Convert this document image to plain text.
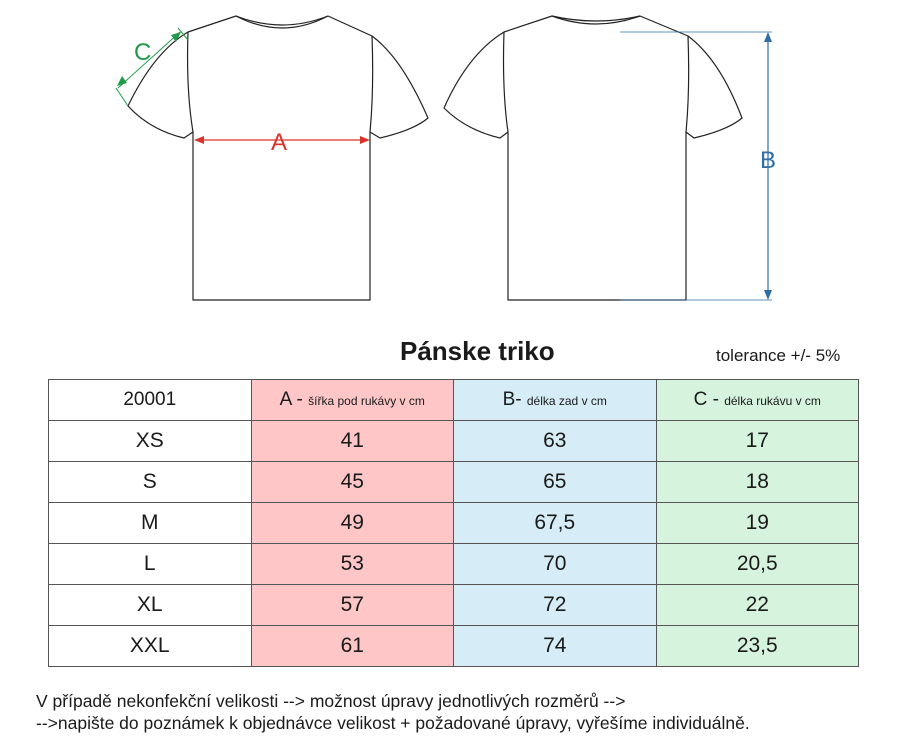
A
B
C
Pánske triko	tolerance +/- 5%
20001	A - šířka pod rukávy v cm	B- délka zad v cm	C - délka rukávu v cm
XS	41	63	17
S	45	65	18
M	49	67,5	19
L	53	70	20,5
XL	57	72	22
XXL	61	74	23,5
V případě nekonfekční velikosti --> možnost úpravy jednotlivých rozměrů -->
-->napište do poznámek k objednávce velikost + požadované úpravy, vyřešíme individuálně.
